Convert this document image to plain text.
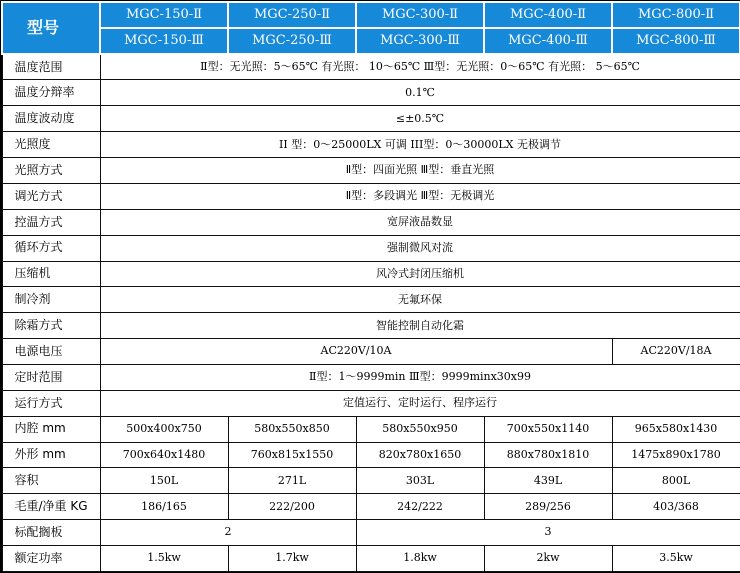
型号	MGC-150-Ⅱ	MGC-250-Ⅱ	MGC-300-Ⅱ	MGC-400-Ⅱ	MGC-800-Ⅱ
	MGC-150-Ⅲ	MGC-250-Ⅲ	MGC-300-Ⅲ	MGC-400-Ⅲ	MGC-800-Ⅲ
温度范围	Ⅱ型：无光照：5～65℃ 有光照： 10～65℃ Ⅲ型：无光照：0～65℃ 有光照： 5～65℃				
温度分辩率	0.1℃				
温度波动度	≤±0.5℃				
光照度	II 型：0～25000LX 可调 III型：0～30000LX 无极调节				
光照方式	Ⅱ型：四面光照 Ⅲ型：垂直光照				
调光方式	Ⅱ型：多段调光 Ⅲ型：无极调光				
控温方式	宽屏液晶数显				
循环方式	强制微风对流				
压缩机	风冷式封闭压缩机				
制冷剂	无氟环保				
除霜方式	智能控制自动化霜				
电源电压	AC220V/10A				AC220V/18A
定时范围	Ⅱ型：1～9999min Ⅲ型：9999minx30x99				
运行方式	定值运行、定时运行、程序运行				
内腔 mm	500x400x750	580x550x850	580x550x950	700x550x1140	965x580x1430
外形 mm	700x640x1480	760x815x1550	820x780x1650	880x780x1810	1475x890x1780
容积	150L	271L	303L	439L	800L
毛重/净重 KG	186/165	222/200	242/222	289/256	403/368
标配搁板	2		3		
额定功率	1.5kw	1.7kw	1.8kw	2kw	3.5kw
